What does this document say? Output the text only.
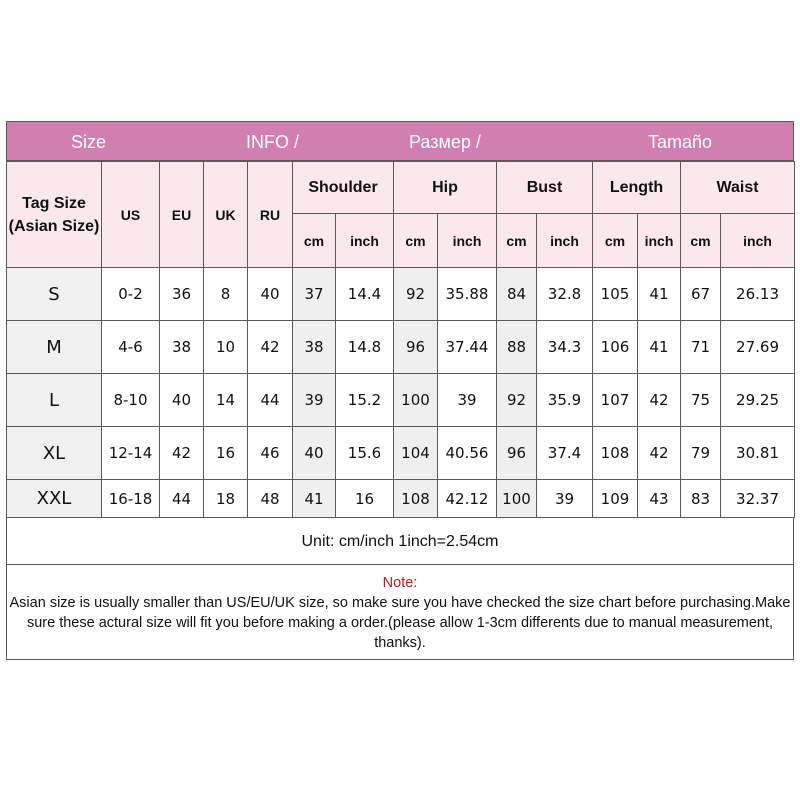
Size	INFO /	Размер /	Tamaño
Tag Size (Asian Size)	US	EU	UK	RU	Shoulder		Hip		Bust		Length		Waist	
					cm	inch	cm	inch	cm	inch	cm	inch	cm	inch
S	0-2	36	8	40	37	14.4	92	35.88	84	32.8	105	41	67	26.13
M	4-6	38	10	42	38	14.8	96	37.44	88	34.3	106	41	71	27.69
L	8-10	40	14	44	39	15.2	100	39	92	35.9	107	42	75	29.25
XL	12-14	42	16	46	40	15.6	104	40.56	96	37.4	108	42	79	30.81
XXL	16-18	44	18	48	41	16	108	42.12	100	39	109	43	83	32.37
Unit: cm/inch 1inch=2.54cm
Note:
Asian size is usually smaller than US/EU/UK size, so make sure you have checked the size chart before purchasing.Make sure these actural size will fit you before making a order.(please allow 1-3cm differents due to manual measurement, thanks).
